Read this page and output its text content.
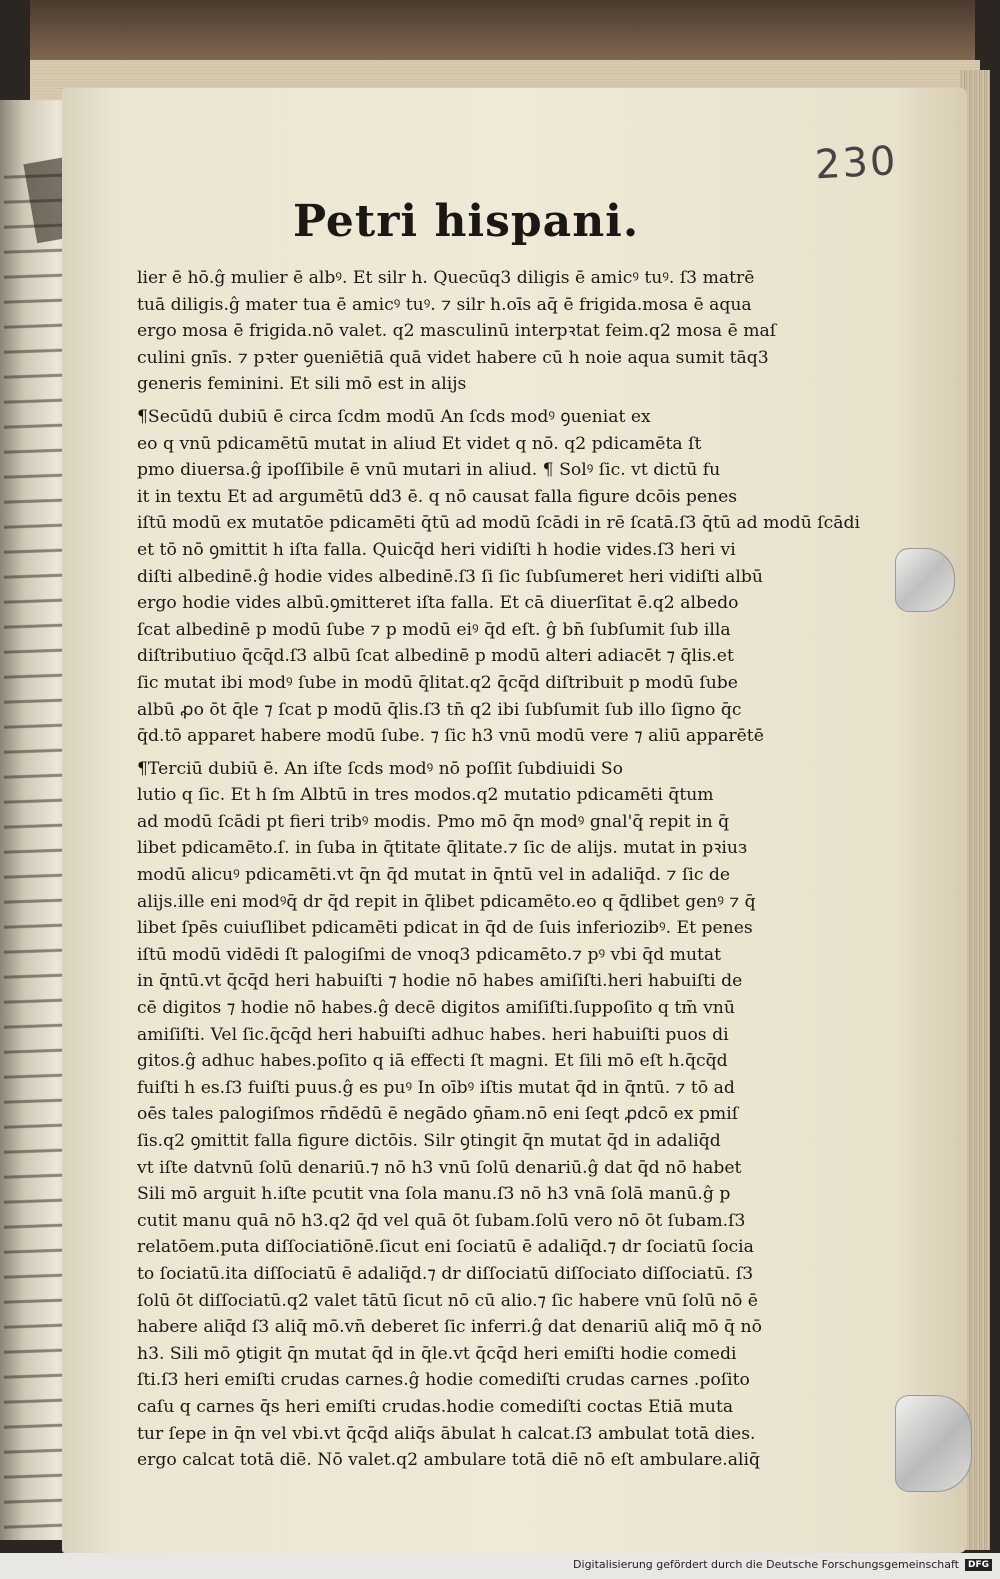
230
Petri hispani.
lier ē hō.ĝ mulier ē albꝰ. Et silr h. Quecūq3 diligis ē amicꝰ tuꝰ. ſ3 matrē
tuā diligis.ĝ mater tua ē amicꝰ tuꝰ. ⁊ silr h.oīs aq̄ ē frigida.mosa ē aqua
ergo mosa ē frigida.nō valet. q2 masculinū interpꝛtat feim.q2 mosa ē maſ
culini gnīs. ⁊ pꝛter ꝯueniētiā quā videt habere cū h noie aqua sumit tāq3
generis feminini. Et sili mō est in alijs
¶Secūdū dubiū ē circa ſcdm modū An ſcds modꝰ ꝯueniat ex
eo q vnū pdicamētū mutat in aliud Et videt q nō. q2 pdicamēta ſt
pmo diuersa.ĝ ipoſſibile ē vnū mutari in aliud. ¶ Solꝰ ſic. vt dictū fu
it in textu Et ad argumētū dd3 ē. q nō causat falla figure dcōis penes
iſtū modū ex mutatōe pdicamēti q̄tū ad modū ſcādi in rē ſcatā.ſ3 q̄tū ad modū ſcādi
et tō nō ꝯmittit h iſta falla. Quicq̄d heri vidiſti h hodie vides.ſ3 heri vi
diſti albedinē.ĝ hodie vides albedinē.ſ3 ſi ſic ſubſumeret heri vidiſti albū
ergo hodie vides albū.ꝯmitteret iſta falla. Et cā diuerſitat ē.q2 albedo
ſcat albedinē p modū ſube ⁊ p modū eiꝰ q̄d eſt. ĝ bn̄ ſubſumit ſub illa
diſtributiuo q̄cq̄d.ſ3 albū ſcat albedinē p modū alteri adiacēt ⁊ q̄lis.et
ſic mutat ibi modꝰ ſube in modū q̄litat.q2 q̄cq̄d diſtribuit p modū ſube
albū ꝓo ōt q̄le ⁊ ſcat p modū q̄lis.ſ3 tn̄ q2 ibi ſubſumit ſub illo ſigno q̄c
q̄d.tō apparet habere modū ſube. ⁊ ſic h3 vnū modū vere ⁊ aliū apparētē
¶Terciū dubiū ē. An iſte ſcds modꝰ nō poſſit ſubdiuidi So
lutio q ſic. Et h ſm Albtū in tres modos.q2 mutatio pdicamēti q̄tum
ad modū ſcādi pt fieri tribꝰ modis. Pmo mō q̄n modꝰ gnal'q̄ repit in q̄
libet pdicamēto.ſ. in ſuba in q̄titate q̄litate.⁊ ſic de alijs. mutat in pꝛiuз
modū alicuꝰ pdicamēti.vt q̄n q̄d mutat in q̄ntū vel in adaliq̄d. ⁊ ſic de
alijs.ille eni modꝰq̄ dr q̄d repit in q̄libet pdicamēto.eo q q̄dlibet genꝰ ⁊ q̄
libet ſpēs cuiuſlibet pdicamēti pdicat in q̄d de ſuis inferiozibꝰ. Et penes
iſtū modū vidēdi ſt palogiſmi de vnoq3 pdicamēto.⁊ pꝰ vbi q̄d mutat
in q̄ntū.vt q̄cq̄d heri habuiſti ⁊ hodie nō habes amiſiſti.heri habuiſti de
cē digitos ⁊ hodie nō habes.ĝ decē digitos amiſiſti.ſuppoſito q tm̄ vnū
amiſiſti. Vel ſic.q̄cq̄d heri habuiſti adhuc habes. heri habuiſti puos di
gitos.ĝ adhuc habes.poſito q iā effecti ſt magni. Et ſili mō eſt h.q̄cq̄d
fuiſti h es.ſ3 fuiſti puus.ĝ es puꝰ In oībꝰ iſtis mutat q̄d in q̄ntū. ⁊ tō ad
oēs tales palogiſmos rn̄dēdū ē negādo ꝯn̄am.nō eni ſeqt ꝓdcō ex pmiſ
ſis.q2 ꝯmittit falla figure dictōis. Silr ꝯtingit q̄n mutat q̄d in adaliq̄d
vt iſte datvnū ſolū denariū.⁊ nō h3 vnū ſolū denariū.ĝ dat q̄d nō habet
Sili mō arguit h.iſte pcutit vna ſola manu.ſ3 nō h3 vnā ſolā manū.ĝ p
cutit manu quā nō h3.q2 q̄d vel quā ōt ſubam.ſolū vero nō ōt ſubam.ſ3
relatōem.puta diſſociatiōnē.ſicut eni ſociatū ē adaliq̄d.⁊ dr ſociatū ſocia
to ſociatū.ita diſſociatū ē adaliq̄d.⁊ dr diſſociatū diſſociato diſſociatū. ſ3
ſolū ōt diſſociatū.q2 valet tātū ſicut nō cū alio.⁊ ſic habere vnū ſolū nō ē
habere aliq̄d ſ3 aliq̄ mō.vn̄ deberet ſic inferri.ĝ dat denariū aliq̄ mō q̄ nō
h3. Sili mō ꝯtigit q̄n mutat q̄d in q̄le.vt q̄cq̄d heri emiſti hodie comedi
ſti.ſ3 heri emiſti crudas carnes.ĝ hodie comediſti crudas carnes .poſito
caſu q carnes q̄s heri emiſti crudas.hodie comediſti coctas Etiā muta
tur ſepe in q̄n vel vbi.vt q̄cq̄d aliq̄s ābulat h calcat.ſ3 ambulat totā dies.
ergo calcat totā diē. Nō valet.q2 ambulare totā diē nō eſt ambulare.aliq̄
Digitalisierung gefördert durch die Deutsche Forschungsgemeinschaft	DFG
